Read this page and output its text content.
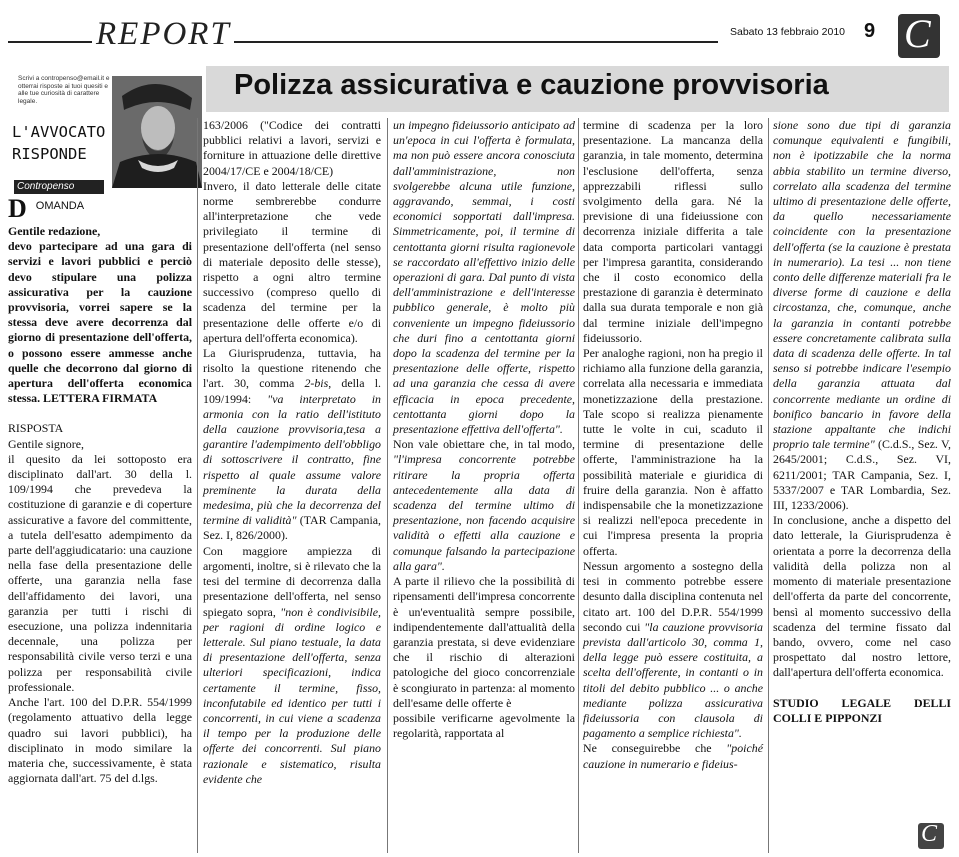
REPORT	Sabato 13 febbraio 2010 9 C
Polizza assicurativa e cauzione provvisoria
Scrivi a contropenso@email.it e otterrai risposte ai tuoi quesiti e alle tue curiosità di carattere legale.
L'AVVOCATO
RISPONDE
Contropenso
D OMANDA

Gentile redazione,

devo partecipare ad una gara di servizi e lavori pubblici e perciò devo stipulare una polizza assicurativa per la cauzione provvisoria, vorrei sapere se la stessa deve avere decorrenza dal giorno di presentazione dell'offerta, o possono essere ammesse anche quelle che decorrono dal giorno di apertura dell'offerta economica stessa. LETTERA FIRMATA

RISPOSTA

Gentile signore,

il quesito da lei sottoposto era disciplinato dall'art. 30 della l. 109/1994 che prevedeva la costituzione di garanzie e di coperture assicurative a favore del committente, a tutela dell'esatto adempimento da parte dell'aggiudicatario: una cauzione nella fase della presentazione delle offerte, una garanzia nella fase dell'affidamento dei lavori, una garanzia per tutti i rischi di esecuzione, una polizza indennitaria decennale, una polizza per responsabilità civile verso terzi e una polizza per responsabilità civile professionale.

Anche l'art. 100 del D.P.R. 554/1999 (regolamento attuativo della legge quadro sui lavori pubblici), ha disciplinato in modo similare la materia che, successivamente, è stata aggiornata dall'art. 75 del d.lgs.

163/2006 ("Codice dei contratti pubblici relativi a lavori, servizi e forniture in attuazione delle direttive 2004/17/CE e 2004/18/CE)

Invero, il dato letterale delle citate norme sembrerebbe condurre all'interpretazione che vede privilegiato il termine di presentazione dell'offerta (nel senso di materiale deposito delle stesse), rispetto a ogni altro termine successivo (compreso quello di scadenza del termine per la presentazione delle offerte e/o di apertura dell'offerta economica).

La Giurisprudenza, tuttavia, ha risolto la questione ritenendo che l'art. 30, comma 2-bis, della l. 109/1994: "va interpretato in armonia con la ratio dell'istituto della cauzione provvisoria,tesa a garantire l'adempimento dell'obbligo di sottoscrivere il contratto, fine rispetto al quale assume valore preminente la durata della medesima, più che la decorrenza del termine di validità" (TAR Campania, Sez. I, 826/2000).

Con maggiore ampiezza di argomenti, inoltre, si è rilevato che la tesi del termine di decorrenza dalla presentazione dell'offerta, nel senso spiegato sopra, "non è condivisibile, per ragioni di ordine logico e letterale. Sul piano testuale, la data di presentazione dell'offerta, senza ulteriori specificazioni, indica certamente il termine, fisso, inconfutabile ed identico per tutti i concorrenti, in cui viene a scadenza il tempo per la produzione delle offerte dei concorrenti. Sul piano razionale e sistematico, risulta evidente che

un impegno fideiussorio anticipato ad un'epoca in cui l'offerta è formulata, ma non può essere ancora conosciuta dall'amministrazione, non svolgerebbe alcuna utile funzione, aggravando, semmai, i costi economici sopportati dall'impresa. Simmetricamente, poi, il termine di centottanta giorni risulta ragionevole se raccordato all'effettivo inizio delle operazioni di gara. Dal punto di vista dell'amministrazione e dell'interesse pubblico generale, è molto più conveniente un impegno fideiussorio che duri fino a centottanta giorni dopo la scadenza del termine per la presentazione delle offerte, rispetto ad una garanzia che cessa di avere efficacia in epoca precedente, centottanta giorni dopo la presentazione effettiva dell'offerta".

Non vale obiettare che, in tal modo, "l'impresa concorrente potrebbe ritirare la propria offerta antecedentemente alla data di scadenza del termine ultimo di presentazione, non facendo acquisire validità o effetti alla cauzione e comunque falsando la partecipazione alla gara".

A parte il rilievo che la possibilità di ripensamenti dell'impresa concorrente è un'eventualità sempre possibile, indipendentemente dall'attualità della garanzia prestata, si deve evidenziare che il rischio di alterazioni patologiche del gioco concorrenziale è scongiurato in partenza: al momento dell'esame delle offerte è

possibile verificarne agevolmente la regolarità, rapportata al

termine di scadenza per la loro presentazione. La mancanza della garanzia, in tale momento, determina l'esclusione dell'offerta, senza apprezzabili riflessi sullo svolgimento della gara. Né la previsione di una fideiussione con decorrenza iniziale differita a tale data comporta particolari vantaggi per l'impresa garantita, considerando che il costo economico della prestazione di garanzia è determinato dalla sua durata temporale e non già dal termine iniziale dell'impegno fideiussorio.

Per analoghe ragioni, non ha pregio il richiamo alla funzione della garanzia, correlata alla necessaria e immediata monetizzazione della prestazione. Tale scopo si realizza pienamente tutte le volte in cui, scaduto il termine di presentazione delle offerte, l'amministrazione ha la possibilità materiale e giuridica di fruire della garanzia. Non è affatto indispensabile che la monetizzazione si realizzi nell'epoca precedente in cui l'impresa presenta la propria offerta.

Nessun argomento a sostegno della tesi in commento potrebbe essere desunto dalla disciplina contenuta nel citato art. 100 del D.P.R. 554/1999 secondo cui "la cauzione provvisoria prevista dall'articolo 30, comma 1, della legge può essere costituita, a scelta dell'offerente, in contanti o in titoli del debito pubblico ... o anche mediante polizza assicurativa fideiussoria con clausola di pagamento a semplice richiesta".

Ne conseguirebbe che "poiché cauzione in numerario e fideius-

sione sono due tipi di garanzia comunque equivalenti e fungibili, non è ipotizzabile che la norma abbia stabilito un termine diverso, correlato alla scadenza del termine ultimo di presentazione delle offerte, da quello necessariamente coincidente con la presentazione dell'offerta (se la cauzione è prestata in numerario). La tesi ... non tiene conto delle differenze materiali fra le diverse forme di cauzione e della circostanza, che, comunque, anche la garanzia in contanti potrebbe essere concretamente calibrata sulla data di scadenza delle offerte. In tal senso si potrebbe indicare l'esempio della garanzia attuata dal concorrente mediante un ordine di bonifico bancario in favore della stazione appaltante che indichi proprio tale termine" (C.d.S., Sez. V, 2645/2001; C.d.S., Sez. VI, 6211/2001; TAR Campania, Sez. I, 5337/2007 e TAR Lombardia, Sez. III, 1233/2006).

In conclusione, anche a dispetto del dato letterale, la Giurisprudenza è orientata a porre la decorrenza della validità della polizza non al momento di materiale presentazione dell'offerta da parte del concorrente, bensì al momento successivo della scadenza del termine fissato dal bando, ovvero, come nel caso prospettato dal nostro lettore, dall'apertura dell'offerta economica.

STUDIO LEGALE DELLI COLLI E PIPPONZI

C
